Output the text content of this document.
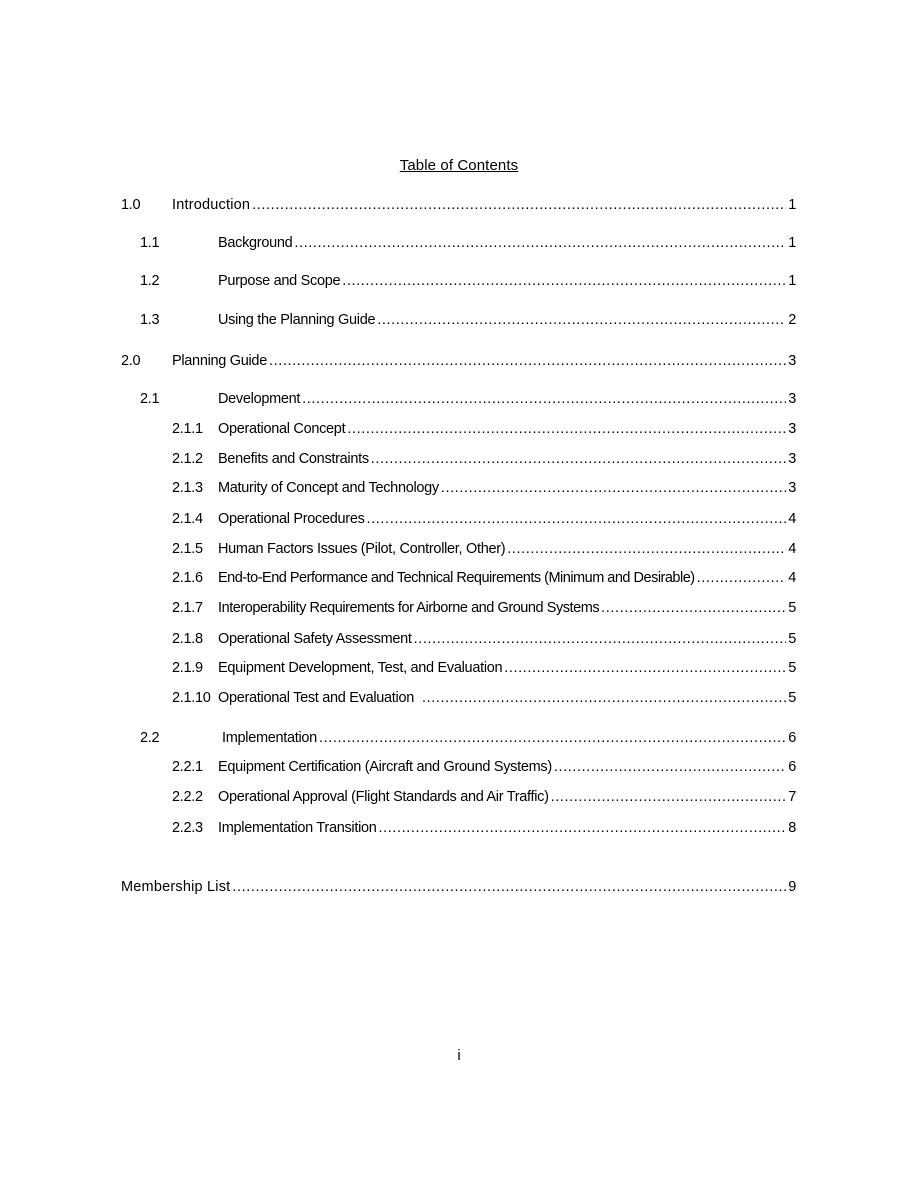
Table of Contents
1.0 Introduction .....	1
1.1	Background .....	1
1.2	Purpose and Scope .....	1
1.3	Using the Planning Guide .....	2
2.0 Planning Guide .....	3
2.1	Development .....	3
2.1.1 Operational Concept .....	3
2.1.2 Benefits and Constraints .....	3
2.1.3 Maturity of Concept and Technology .....	3
2.1.4 Operational Procedures .....	4
2.1.5 Human Factors Issues (Pilot, Controller, Other) .....	4
2.1.6 End-to-End Performance and Technical Requirements (Minimum and Desirable) .....	4
2.1.7 Interoperability Requirements for Airborne and Ground Systems .....	5
2.1.8 Operational Safety Assessment .....	5
2.1.9 Equipment Development, Test, and Evaluation .....	5
2.1.10 Operational Test and Evaluation .....	5
2.2	Implementation .....	6
2.2.1 Equipment Certification (Aircraft and Ground Systems) .....	6
2.2.2 Operational Approval (Flight Standards and Air Traffic) .....	7
2.2.3 Implementation Transition .....	8
Membership List .....	9
i
